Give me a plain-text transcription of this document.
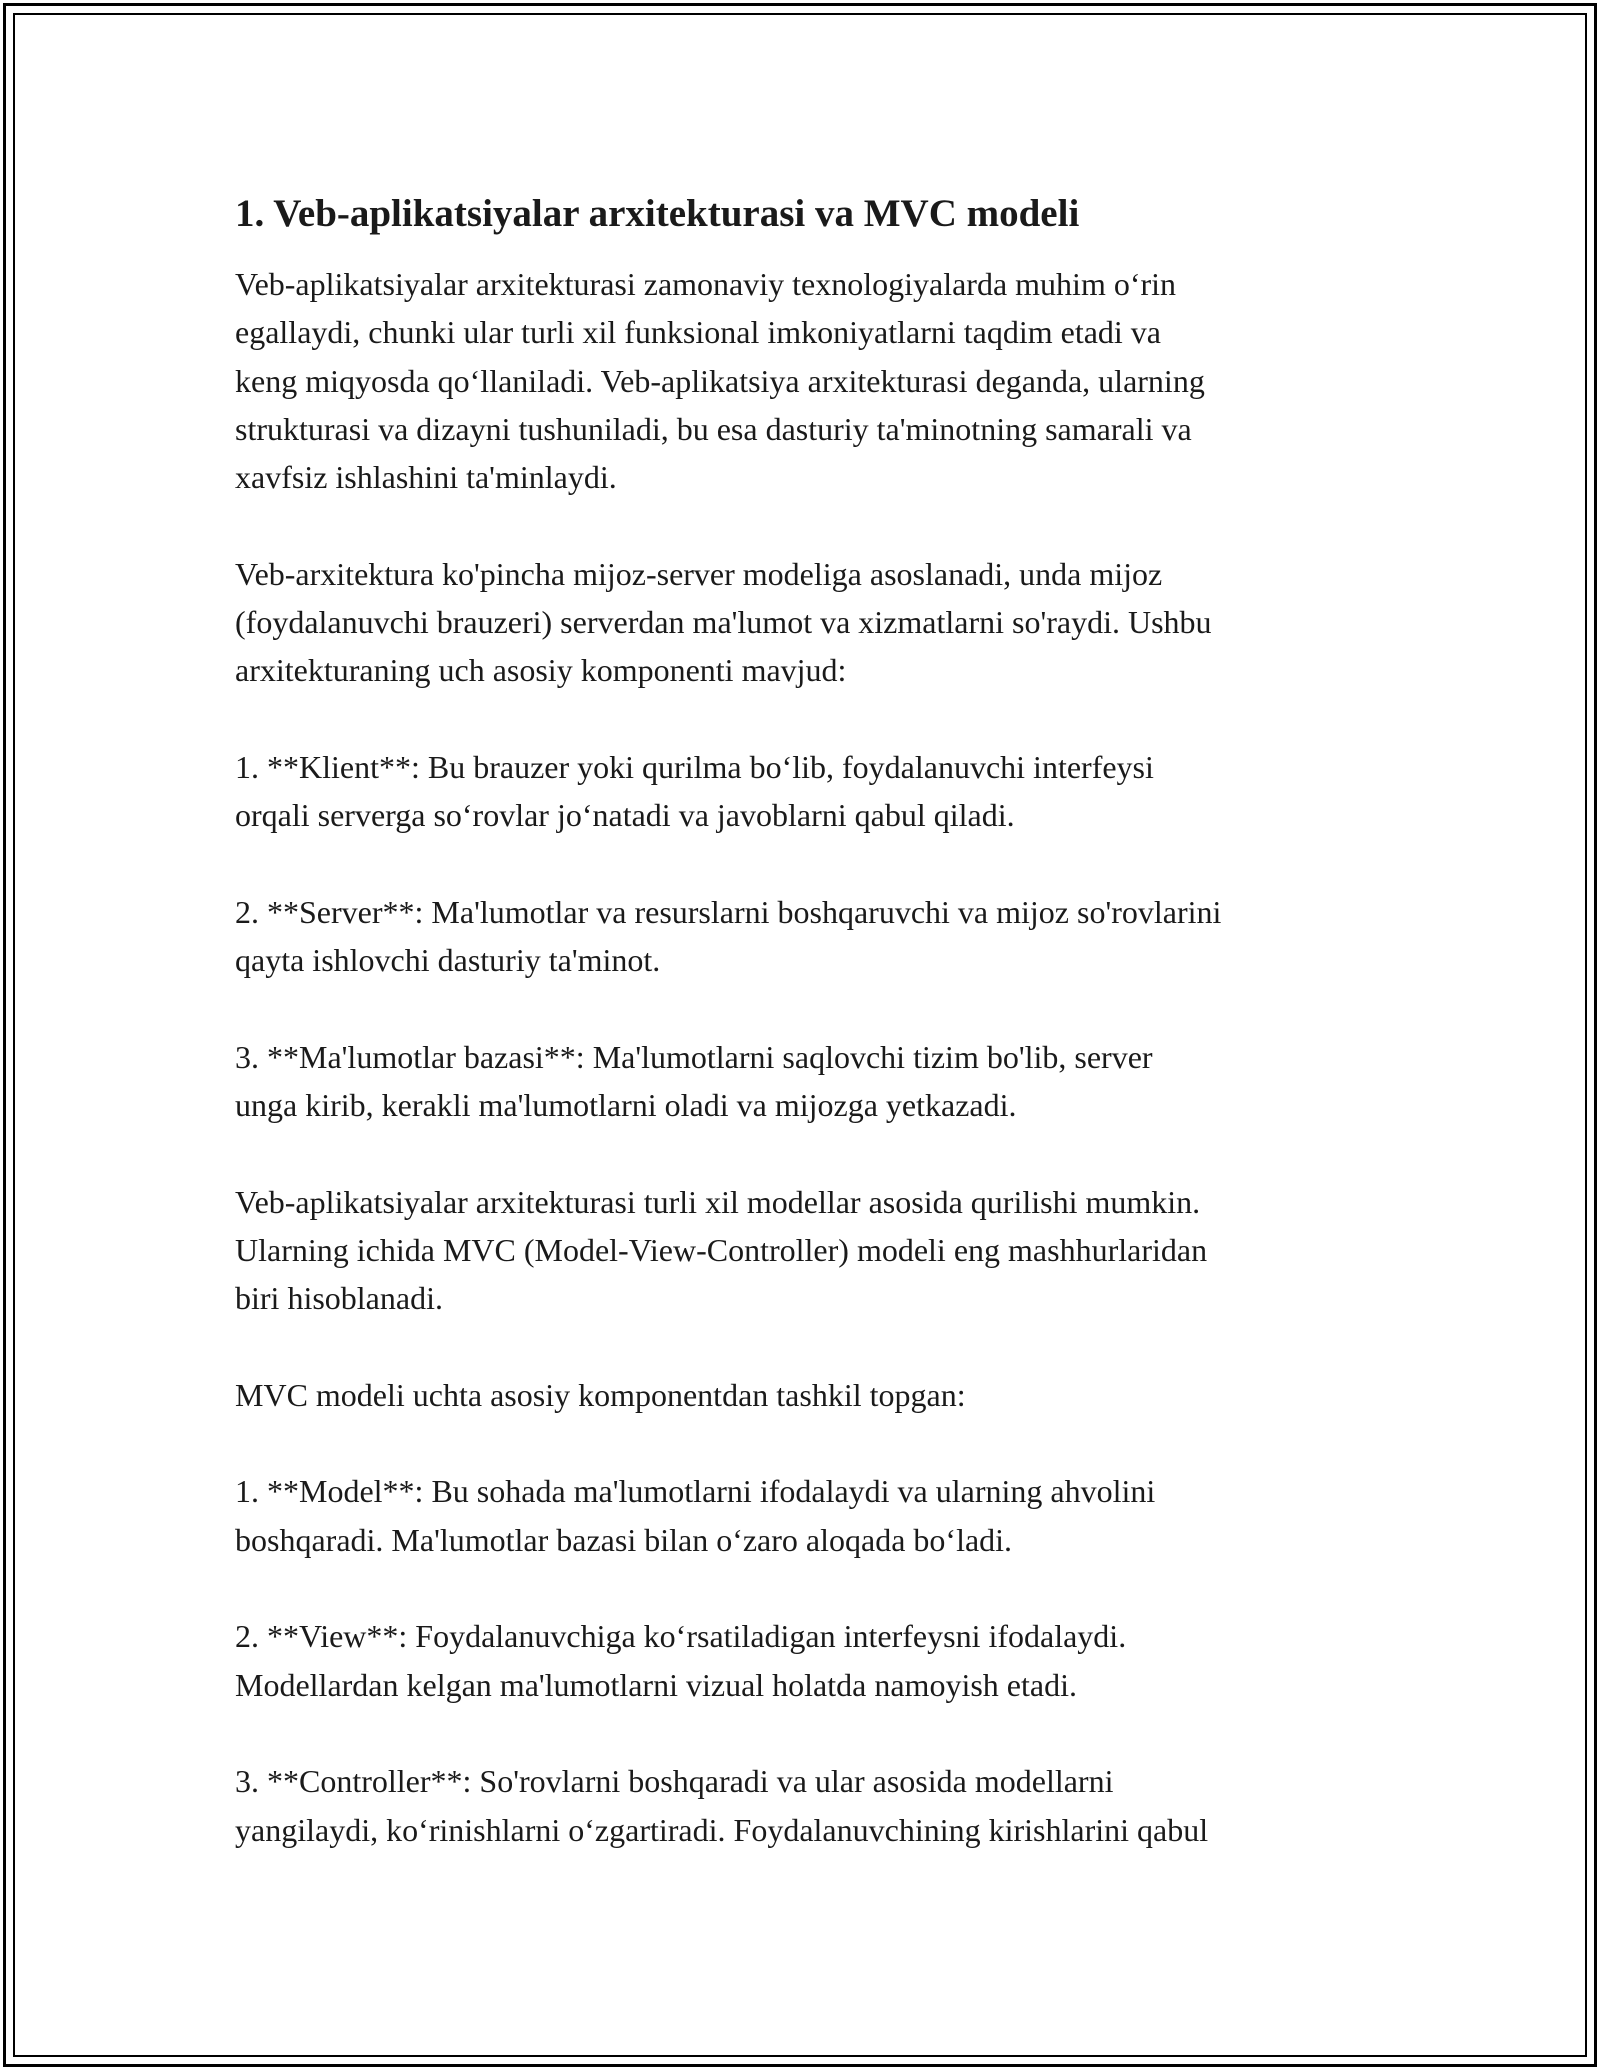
1. Veb-aplikatsiyalar arxitekturasi va MVC modeli

Veb-aplikatsiyalar arxitekturasi zamonaviy texnologiyalarda muhim o‘rin
egallaydi, chunki ular turli xil funksional imkoniyatlarni taqdim etadi va
keng miqyosda qo‘llaniladi. Veb-aplikatsiya arxitekturasi deganda, ularning
strukturasi va dizayni tushuniladi, bu esa dasturiy ta'minotning samarali va
xavfsiz ishlashini ta'minlaydi.

Veb-arxitektura ko'pincha mijoz-server modeliga asoslanadi, unda mijoz
(foydalanuvchi brauzeri) serverdan ma'lumot va xizmatlarni so'raydi. Ushbu
arxitekturaning uch asosiy komponenti mavjud:

1. **Klient**: Bu brauzer yoki qurilma bo‘lib, foydalanuvchi interfeysi
orqali serverga so‘rovlar jo‘natadi va javoblarni qabul qiladi.

2. **Server**: Ma'lumotlar va resurslarni boshqaruvchi va mijoz so'rovlarini
qayta ishlovchi dasturiy ta'minot.

3. **Ma'lumotlar bazasi**: Ma'lumotlarni saqlovchi tizim bo'lib, server
unga kirib, kerakli ma'lumotlarni oladi va mijozga yetkazadi.

Veb-aplikatsiyalar arxitekturasi turli xil modellar asosida qurilishi mumkin.
Ularning ichida MVC (Model-View-Controller) modeli eng mashhurlaridan
biri hisoblanadi.

MVC modeli uchta asosiy komponentdan tashkil topgan:

1. **Model**: Bu sohada ma'lumotlarni ifodalaydi va ularning ahvolini
boshqaradi. Ma'lumotlar bazasi bilan o‘zaro aloqada bo‘ladi.

2. **View**: Foydalanuvchiga ko‘rsatiladigan interfeysni ifodalaydi.
Modellardan kelgan ma'lumotlarni vizual holatda namoyish etadi.

3. **Controller**: So'rovlarni boshqaradi va ular asosida modellarni
yangilaydi, ko‘rinishlarni o‘zgartiradi. Foydalanuvchining kirishlarini qabul
